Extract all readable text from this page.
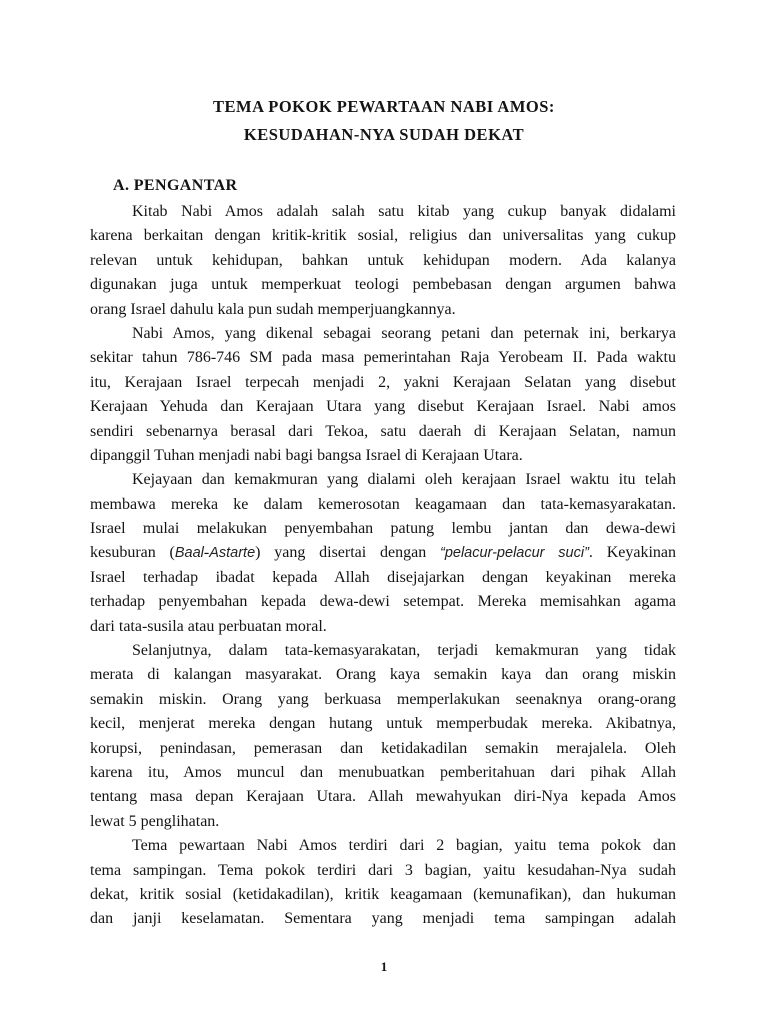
TEMA POKOK PEWARTAAN NABI AMOS:
KESUDAHAN-NYA SUDAH DEKAT
A. PENGANTAR
Kitab Nabi Amos adalah salah satu kitab yang cukup banyak didalami
karena berkaitan dengan kritik-kritik sosial, religius dan universalitas yang cukup
relevan untuk kehidupan, bahkan untuk kehidupan modern. Ada kalanya
digunakan juga untuk memperkuat teologi pembebasan dengan argumen bahwa
orang Israel dahulu kala pun sudah memperjuangkannya.
Nabi Amos, yang dikenal sebagai seorang petani dan peternak ini, berkarya
sekitar tahun 786-746 SM pada masa pemerintahan Raja Yerobeam II. Pada waktu
itu, Kerajaan Israel terpecah menjadi 2, yakni Kerajaan Selatan yang disebut
Kerajaan Yehuda dan Kerajaan Utara yang disebut Kerajaan Israel. Nabi amos
sendiri sebenarnya berasal dari Tekoa, satu daerah di Kerajaan Selatan, namun
dipanggil Tuhan menjadi nabi bagi bangsa Israel di Kerajaan Utara.
Kejayaan dan kemakmuran yang dialami oleh kerajaan Israel waktu itu telah
membawa mereka ke dalam kemerosotan keagamaan dan tata-kemasyarakatan.
Israel mulai melakukan penyembahan patung lembu jantan dan dewa-dewi
kesuburan (Baal-Astarte) yang disertai dengan “pelacur-pelacur suci”. Keyakinan
Israel terhadap ibadat kepada Allah disejajarkan dengan keyakinan mereka
terhadap penyembahan kepada dewa-dewi setempat. Mereka memisahkan agama
dari tata-susila atau perbuatan moral.
Selanjutnya, dalam tata-kemasyarakatan, terjadi kemakmuran yang tidak
merata di kalangan masyarakat. Orang kaya semakin kaya dan orang miskin
semakin miskin. Orang yang berkuasa memperlakukan seenaknya orang-orang
kecil, menjerat mereka dengan hutang untuk memperbudak mereka. Akibatnya,
korupsi, penindasan, pemerasan dan ketidakadilan semakin merajalela. Oleh
karena itu, Amos muncul dan menubuatkan pemberitahuan dari pihak Allah
tentang masa depan Kerajaan Utara. Allah mewahyukan diri-Nya kepada Amos
lewat 5 penglihatan.
Tema pewartaan Nabi Amos terdiri dari 2 bagian, yaitu tema pokok dan
tema sampingan. Tema pokok terdiri dari 3 bagian, yaitu kesudahan-Nya sudah
dekat, kritik sosial (ketidakadilan), kritik keagamaan (kemunafikan), dan hukuman
dan janji keselamatan. Sementara yang menjadi tema sampingan adalah
1
